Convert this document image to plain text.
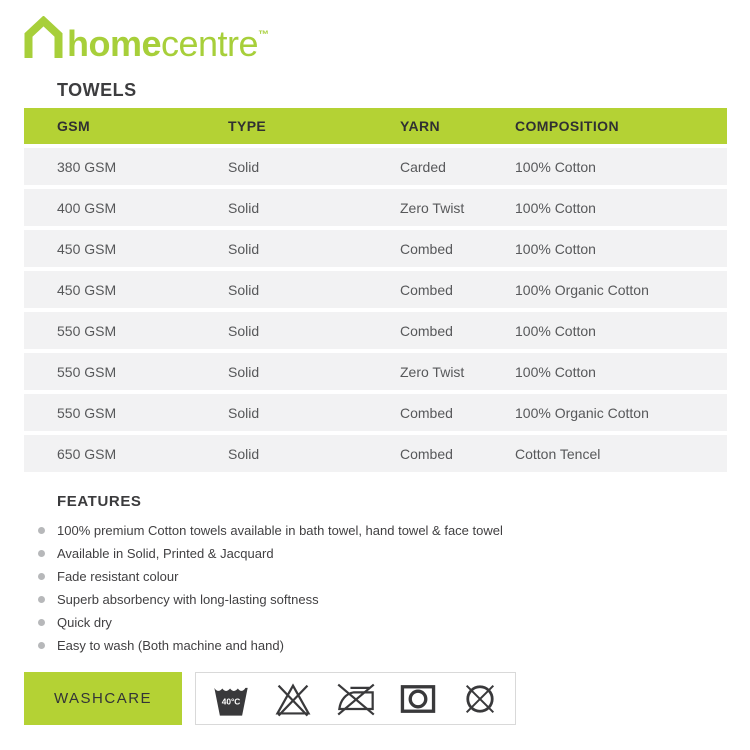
homecentre™
TOWELS
GSM	TYPE	YARN	COMPOSITION
380 GSM	Solid	Carded	100% Cotton
400 GSM	Solid	Zero Twist	100% Cotton
450 GSM	Solid	Combed	100% Cotton
450 GSM	Solid	Combed	100% Organic Cotton
550 GSM	Solid	Combed	100% Cotton
550 GSM	Solid	Zero Twist	100% Cotton
550 GSM	Solid	Combed	100% Organic Cotton
650 GSM	Solid	Combed	Cotton Tencel
FEATURES
100% premium Cotton towels available in bath towel, hand towel & face towel
Available in Solid, Printed & Jacquard
Fade resistant colour
Superb absorbency with long-lasting softness
Quick dry
Easy to wash (Both machine and hand)
WASHCARE	40°C
